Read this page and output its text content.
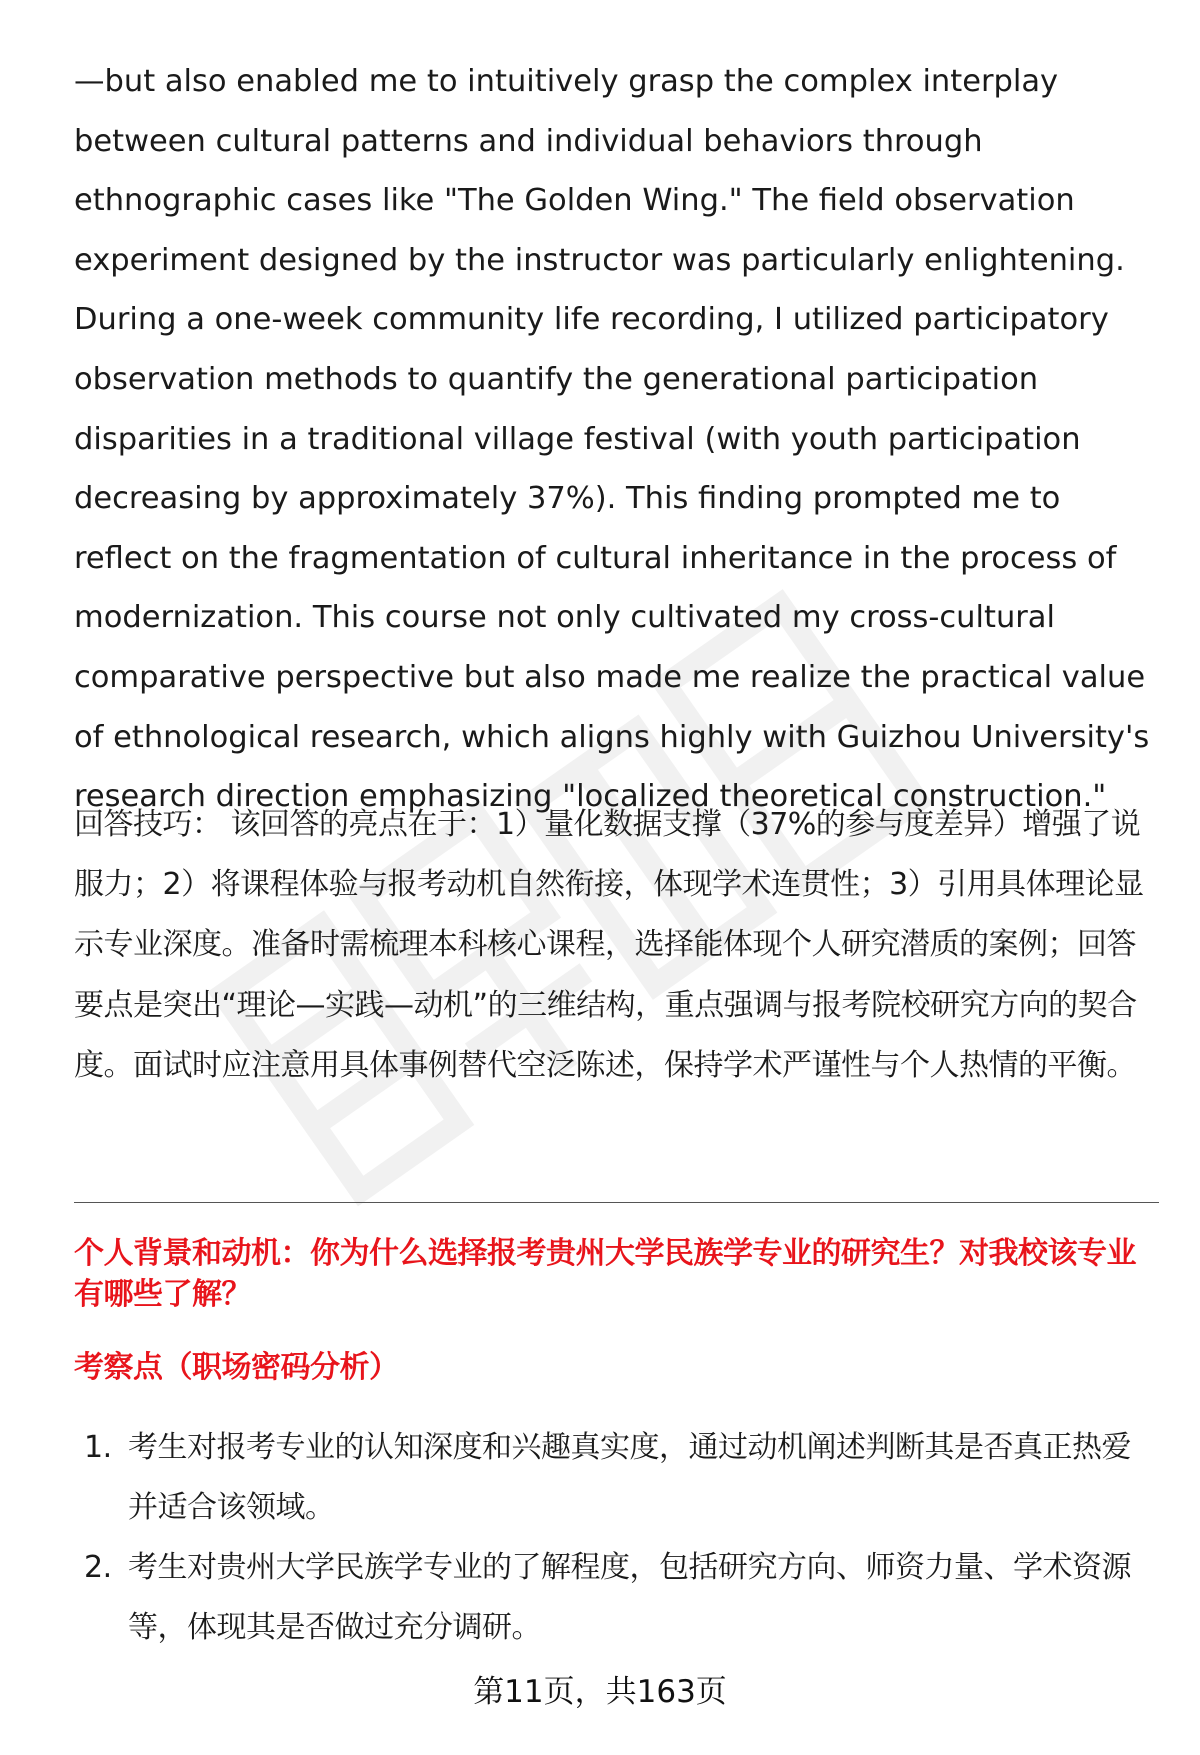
—but also enabled me to intuitively grasp the complex interplay between cultural patterns and individual behaviors through ethnographic cases like "The Golden Wing." The field observation experiment designed by the instructor was particularly enlightening. During a one-week community life recording, I utilized participatory observation methods to quantify the generational participation disparities in a traditional village festival (with youth participation decreasing by approximately 37%). This finding prompted me to reflect on the fragmentation of cultural inheritance in the process of modernization. This course not only cultivated my cross-cultural comparative perspective but also made me realize the practical value of ethnological research, which aligns highly with Guizhou University's research direction emphasizing "localized theoretical construction."

回答技巧： 该回答的亮点在于：1）量化数据支撑（37%的参与度差异）增强了说服力；2）将课程体验与报考动机自然衔接，体现学术连贯性；3）引用具体理论显示专业深度。准备时需梳理本科核心课程，选择能体现个人研究潜质的案例；回答要点是突出“理论—实践—动机”的三维结构，重点强调与报考院校研究方向的契合度。面试时应注意用具体事例替代空泛陈述，保持学术严谨性与个人热情的平衡。

个人背景和动机：你为什么选择报考贵州大学民族学专业的研究生？对我校该专业有哪些了解？

考察点（职场密码分析）

1. 考生对报考专业的认知深度和兴趣真实度，通过动机阐述判断其是否真正热爱并适合该领域。
2. 考生对贵州大学民族学专业的了解程度，包括研究方向、师资力量、学术资源等，体现其是否做过充分调研。
第11页，共163页
